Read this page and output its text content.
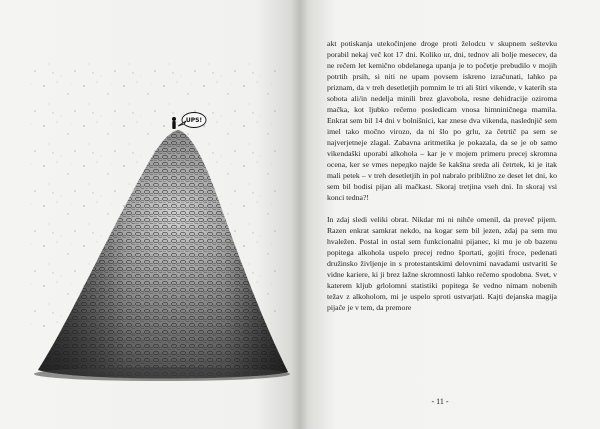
UPS!

akt potiskanja utekočinjene droge proti želodcu v skupnem seštevku porabil nekaj več kot 17 dni. Koliko ur, dni, tednov ali bolje mesecev, da ne rečem let kemično obdelanega upanja je to početje prebudilo v mojih potrtih prsih, si niti ne upam povsem iskreno izračunati, lahko pa priznam, da v treh desetletjih pomnim le tri ali štiri vikende, v katerih sta sobota ali/in nedelja minili brez glavobola, resne dehidracije oziroma mačka, kot ljubko rečemo posledicam vnosa himniničnega mamila. Enkrat sem bil 14 dni v bolnišnici, kar znese dva vikenda, naslednjič sem imel tako močno virozo, da ni šlo po grlu, za četrtič pa sem se najverjetneje zlagal. Zabavna aritmetika je pokazala, da se je ob samo vikendaški uporabi alkohola – kar je v mojem primeru precej skromna ocena, ker se vmes nередko najde še kakšna sreda ali četrtek, ki je itak mali petek – v treh desetletjih in pol nabralo približno ze deset let dni, ko sem bil bodisi pijan ali mačkast. Skoraj tretjina vseh dni. In skoraj vsi konci tedna?!

In zdaj sledi veliki obrat. Nikdar mi ni nihče omenil, da preveč pijem. Razen enkrat samkrat nekdo, na kogar sem bil jezen, zdaj pa sem mu hvaležen. Postal in ostal sem funkcionalni pijanec, ki mu je ob bazenu popitega alkohola uspelo precej redno športati, gojiti froce, pedenati družinsko življenje in s protestantskimi delovnimi navadami ustvariti še vidne kariere, ki ji brez lažne skromnosti lahko rečemo spodobna. Svet, v katerem kljub grlolomni statistiki popitega še vedno nimam nobenih težav z alkoholom, mi je uspelo sproti ustvarjati. Kajti dejanska magija pijače je v tem, da premore

- 11 -
